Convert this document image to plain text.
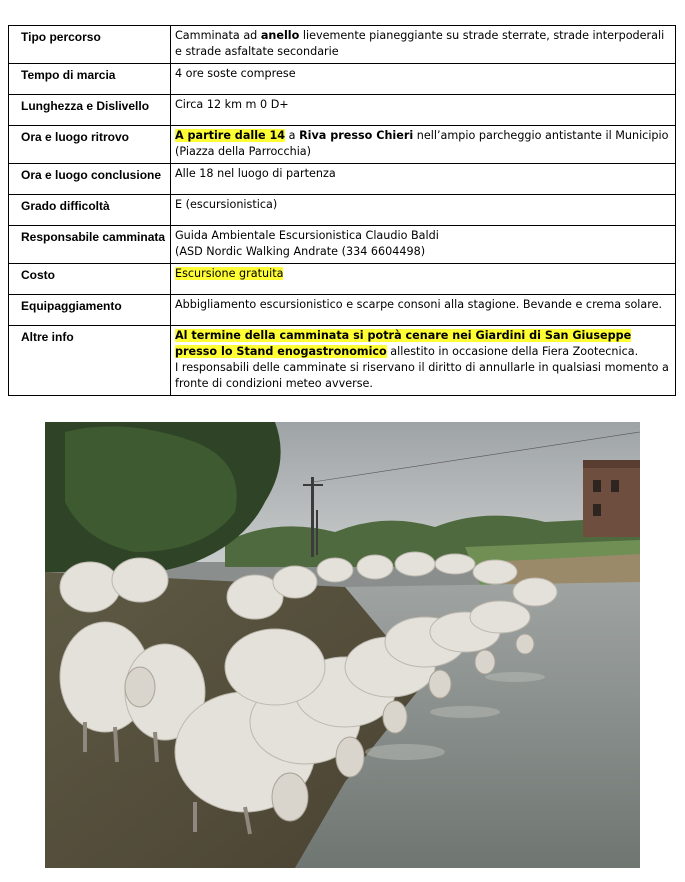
Tipo percorso	Camminata ad anello lievemente pianeggiante su strade sterrate, strade interpoderali e strade asfaltate secondarie
Tempo di marcia	4 ore soste comprese
Lunghezza e Dislivello	Circa 12 km m 0 D+
Ora e luogo ritrovo	A partire dalle 14 a Riva presso Chieri nell’ampio parcheggio antistante il Municipio (Piazza della Parrocchia)
Ora e luogo conclusione	Alle 18 nel luogo di partenza
Grado difficoltà	E (escursionistica)
Responsabile camminata	Guida Ambientale Escursionistica Claudio Baldi
(ASD Nordic Walking Andrate (334 6604498)
Costo	Escursione gratuita
Equipaggiamento	Abbigliamento escursionistico e scarpe consoni alla stagione. Bevande e crema solare.
Altre info	Al termine della camminata si potrà cenare nei Giardini di San Giuseppe presso lo Stand enogastronomico allestito in occasione della Fiera Zootecnica.
I responsabili delle camminate si riservano il diritto di annullarle in qualsiasi momento a fronte di condizioni meteo avverse.
